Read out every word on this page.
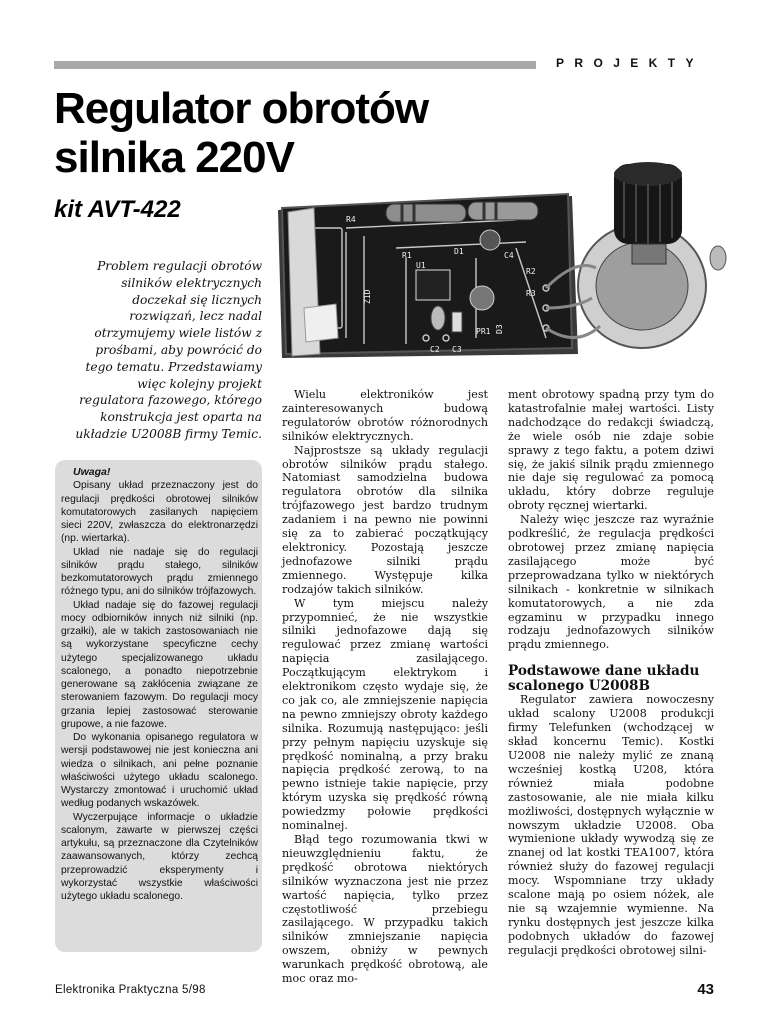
PROJEKTY
Regulator obrotów
silnika 220V
kit AVT-422	R4
R1
U1
D1	C4
R2
R3
Z1D
D3
C2 C3
PR1

Problem regulacji obrotów silników elektrycznych doczekał się licznych rozwiązań, lecz nadal otrzymujemy wiele listów z prośbami, aby powrócić do tego tematu. Przedstawiamy więc kolejny projekt regulatora fazowego, którego konstrukcja jest oparta na układzie U2008B firmy Temic.

Uwaga!

Opisany układ przeznaczony jest do regulacji prędkości obrotowej silników komutatorowych zasilanych napięciem sieci 220V, zwłaszcza do elektronarzędzi (np. wiertarka).

Układ nie nadaje się do regulacji silników prądu stałego, silników bezkomutatorowych prądu zmiennego różnego typu, ani do silników trójfazowych.

Układ nadaje się do fazowej regulacji mocy odbiorników innych niż silniki (np. grzałki), ale w takich zastosowaniach nie są wykorzystane specyficzne cechy użytego specjalizowanego układu scalonego, a ponadto niepotrzebnie generowane są zakłócenia związane ze sterowaniem fazowym. Do regulacji mocy grzania lepiej zastosować sterowanie grupowe, a nie fazowe.

Do wykonania opisanego regulatora w wersji podstawowej nie jest konieczna ani wiedza o silnikach, ani pełne poznanie właściwości użytego układu scalonego. Wystarczy zmontować i uruchomić układ według podanych wskazówek.

Wyczerpujące informacje o układzie scalonym, zawarte w pierwszej części artykułu, są przeznaczone dla Czytelników zaawansowanych, którzy zechcą przeprowadzić eksperymenty i wykorzystać wszystkie właściwości użytego układu scalonego.

Wielu elektroników jest zainteresowanych budową regulatorów obrotów różnorodnych silników elektrycznych.

Najprostsze są układy regulacji obrotów silników prądu stałego. Natomiast samodzielna budowa regulatora obrotów dla silnika trójfazowego jest bardzo trudnym zadaniem i na pewno nie powinni się za to zabierać początkujący elektronicy. Pozostają jeszcze jednofazowe silniki prądu zmiennego. Występuje kilka rodzajów takich silników.

W tym miejscu należy przypomnieć, że nie wszystkie silniki jednofazowe dają się regulować przez zmianę wartości napięcia zasilającego. Początkującym elektrykom i elektronikom często wydaje się, że co jak co, ale zmniejszenie napięcia na pewno zmniejszy obroty każdego silnika. Rozumują następująco: jeśli przy pełnym napięciu uzyskuje się prędkość nominalną, a przy braku napięcia prędkość zerową, to na pewno istnieje takie napięcie, przy którym uzyska się prędkość równą powiedzmy połowie prędkości nominalnej.

Błąd tego rozumowania tkwi w nieuwzględnieniu faktu, że prędkość obrotowa niektórych silników wyznaczona jest nie przez wartość napięcia, tylko przez częstotliwość przebiegu zasilającego. W przypadku takich silników zmniejszanie napięcia owszem, obniży w pewnych warunkach prędkość obrotową, ale moc oraz mo-

ment obrotowy spadną przy tym do katastrofalnie małej wartości. Listy nadchodzące do redakcji świadczą, że wiele osób nie zdaje sobie sprawy z tego faktu, a potem dziwi się, że jakiś silnik prądu zmiennego nie daje się regulować za pomocą układu, który dobrze reguluje obroty ręcznej wiertarki.

Należy więc jeszcze raz wyraźnie podkreślić, że regulacja prędkości obrotowej przez zmianę napięcia zasilającego może być przeprowadzana tylko w niektórych silnikach - konkretnie w silnikach komutatorowych, a nie zda egzaminu w przypadku innego rodzaju jednofazowych silników prądu zmiennego.

Podstawowe dane układu scalonego U2008B

Regulator zawiera nowoczesny układ scalony U2008 produkcji firmy Telefunken (wchodzącej w skład koncernu Temic). Kostki U2008 nie należy mylić ze znaną wcześniej kostką U208, która również miała podobne zastosowanie, ale nie miała kilku możliwości, dostępnych wyłącznie w nowszym układzie U2008. Oba wymienione układy wywodzą się ze znanej od lat kostki TEA1007, która również służy do fazowej regulacji mocy. Wspomniane trzy układy scalone mają po osiem nóżek, ale nie są wzajemnie wymienne. Na rynku dostępnych jest jeszcze kilka podobnych układów do fazowej regulacji prędkości obrotowej silni-

Elektronika Praktyczna 5/98	43
